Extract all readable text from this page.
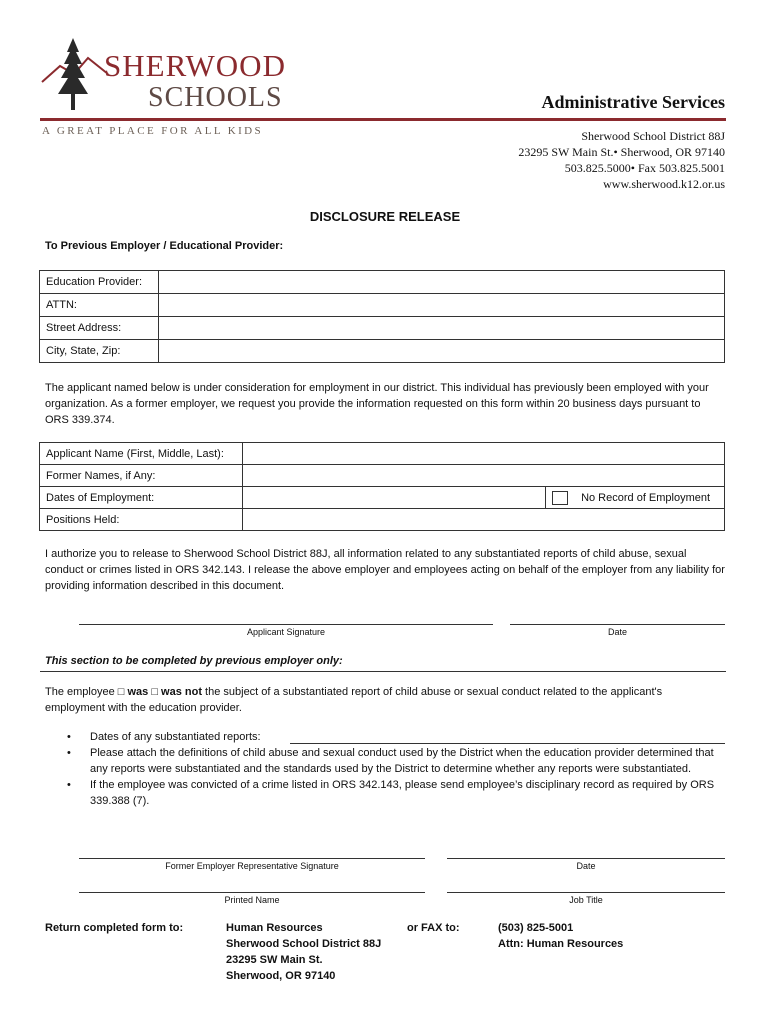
SHERWOOD
SCHOOLS
A GREAT PLACE FOR ALL KIDS
Administrative Services
Sherwood School District 88J
23295 SW Main St.• Sherwood, OR 97140
503.825.5000• Fax 503.825.5001
www.sherwood.k12.or.us
DISCLOSURE RELEASE
To Previous Employer / Educational Provider:
Education Provider:	
ATTN:	
Street Address:	
City, State, Zip:	
The applicant named below is under consideration for employment in our district. This individual has previously been employed with your organization. As a former employer, we request you provide the information requested on this form within 20 business days pursuant to ORS 339.374.
Applicant Name (First, Middle, Last):		
Former Names, if Any:		
Dates of Employment:		No Record of Employment
Positions Held:		
I authorize you to release to Sherwood School District 88J, all information related to any substantiated reports of child abuse, sexual conduct or crimes listed in ORS 342.143. I release the above employer and employees acting on behalf of the employer from any liability for providing information described in this document.
Applicant Signature	Date
This section to be completed by previous employer only:
The employee □ was □ was not the subject of a substantiated report of child abuse or sexual conduct related to the applicant's employment with the education provider.
• Dates of any substantiated reports:
• Please attach the definitions of child abuse and sexual conduct used by the District when the education provider determined that any reports were substantiated and the standards used by the District to determine whether any reports were substantiated.
• If the employee was convicted of a crime listed in ORS 342.143, please send employee’s disciplinary record as required by ORS 339.388 (7).
Former Employer Representative Signature	Date
Printed Name	Job Title
Return completed form to:	Human Resources
Sherwood School District 88J
23295 SW Main St.
Sherwood, OR 97140
or FAX to:	(503) 825-5001
Attn: Human Resources
